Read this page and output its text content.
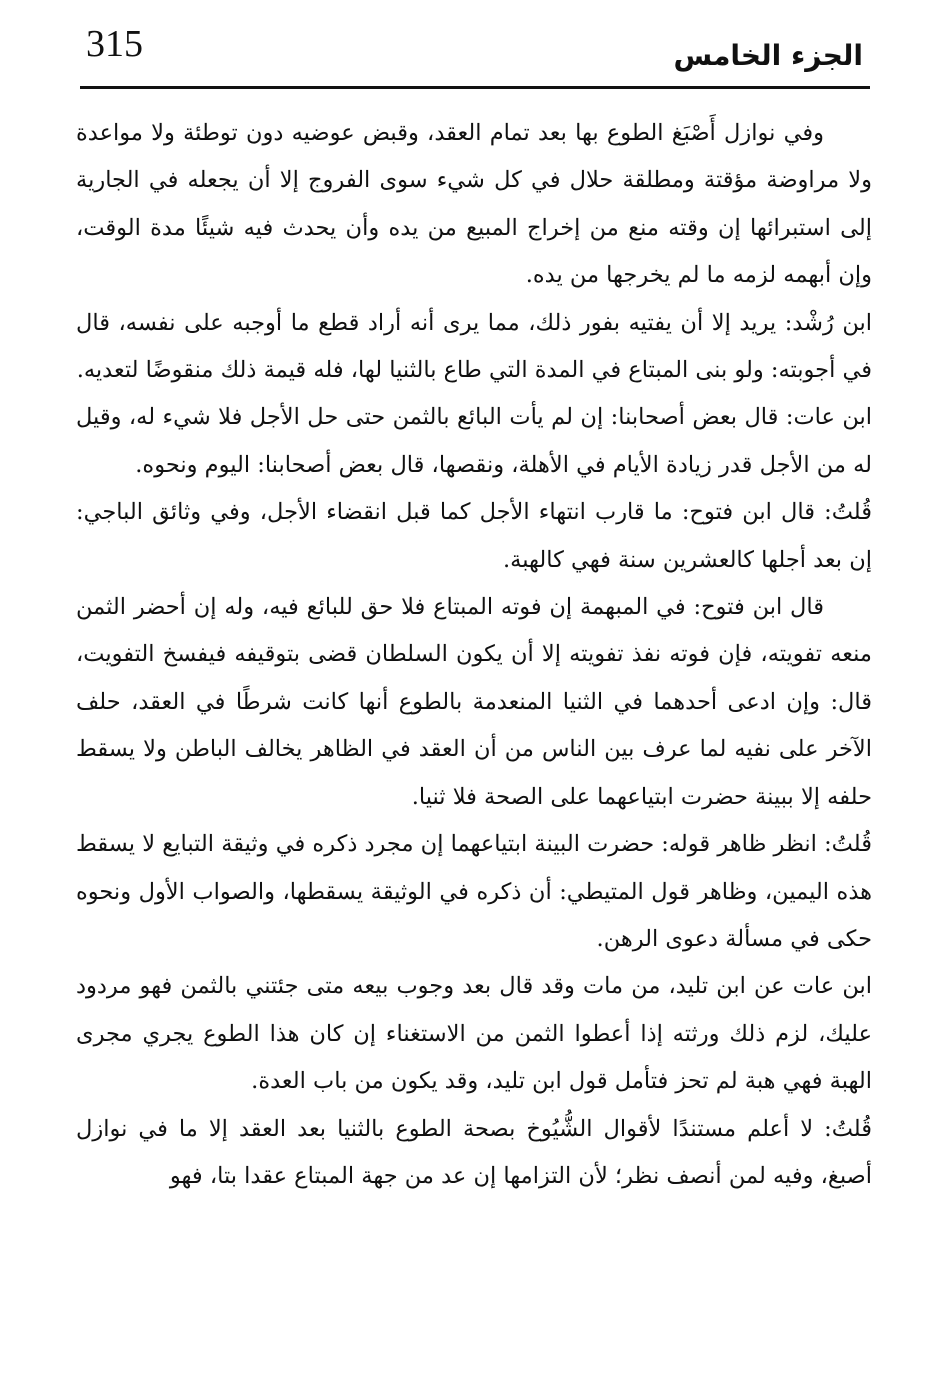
315	الجزء الخامس

وفي نوازل أَصْبَغ الطوع بها بعد تمام العقد، وقبض عوضيه دون توطئة ولا مواعدة ولا مراوضة مؤقتة ومطلقة حلال في كل شيء سوى الفروج إلا أن يجعله في الجارية إلى استبرائها إن وقته منع من إخراج المبيع من يده وأن يحدث فيه شيئًا مدة الوقت، وإن أبهمه لزمه ما لم يخرجها من يده.

ابن رُشْد: يريد إلا أن يفتيه بفور ذلك، مما يرى أنه أراد قطع ما أوجبه على نفسه، قال في أجوبته: ولو بنى المبتاع في المدة التي طاع بالثنيا لها، فله قيمة ذلك منقوضًا لتعديه.

ابن عات: قال بعض أصحابنا: إن لم يأت البائع بالثمن حتى حل الأجل فلا شيء له، وقيل له من الأجل قدر زيادة الأيام في الأهلة، ونقصها، قال بعض أصحابنا: اليوم ونحوه.

قُلتُ: قال ابن فتوح: ما قارب انتهاء الأجل كما قبل انقضاء الأجل، وفي وثائق الباجي: إن بعد أجلها كالعشرين سنة فهي كالهبة.

قال ابن فتوح: في المبهمة إن فوته المبتاع فلا حق للبائع فيه، وله إن أحضر الثمن منعه تفويته، فإن فوته نفذ تفويته إلا أن يكون السلطان قضى بتوقيفه فيفسخ التفويت، قال: وإن ادعى أحدهما في الثنيا المنعدمة بالطوع أنها كانت شرطًا في العقد، حلف الآخر على نفيه لما عرف بين الناس من أن العقد في الظاهر يخالف الباطن ولا يسقط حلفه إلا ببينة حضرت ابتياعهما على الصحة فلا ثنيا.

قُلتُ: انظر ظاهر قوله: حضرت البينة ابتياعهما إن مجرد ذكره في وثيقة التبايع لا يسقط هذه اليمين، وظاهر قول المتيطي: أن ذكره في الوثيقة يسقطها، والصواب الأول ونحوه حكى في مسألة دعوى الرهن.

ابن عات عن ابن تليد، من مات وقد قال بعد وجوب بيعه متى جئتني بالثمن فهو مردود عليك، لزم ذلك ورثته إذا أعطوا الثمن من الاستغناء إن كان هذا الطوع يجري مجرى الهبة فهي هبة لم تحز فتأمل قول ابن تليد، وقد يكون من باب العدة.

قُلتُ: لا أعلم مستندًا لأقوال الشُّيُوخ بصحة الطوع بالثنيا بعد العقد إلا ما في نوازل أصبغ، وفيه لمن أنصف نظر؛ لأن التزامها إن عد من جهة المبتاع عقدا بتا، فهو
